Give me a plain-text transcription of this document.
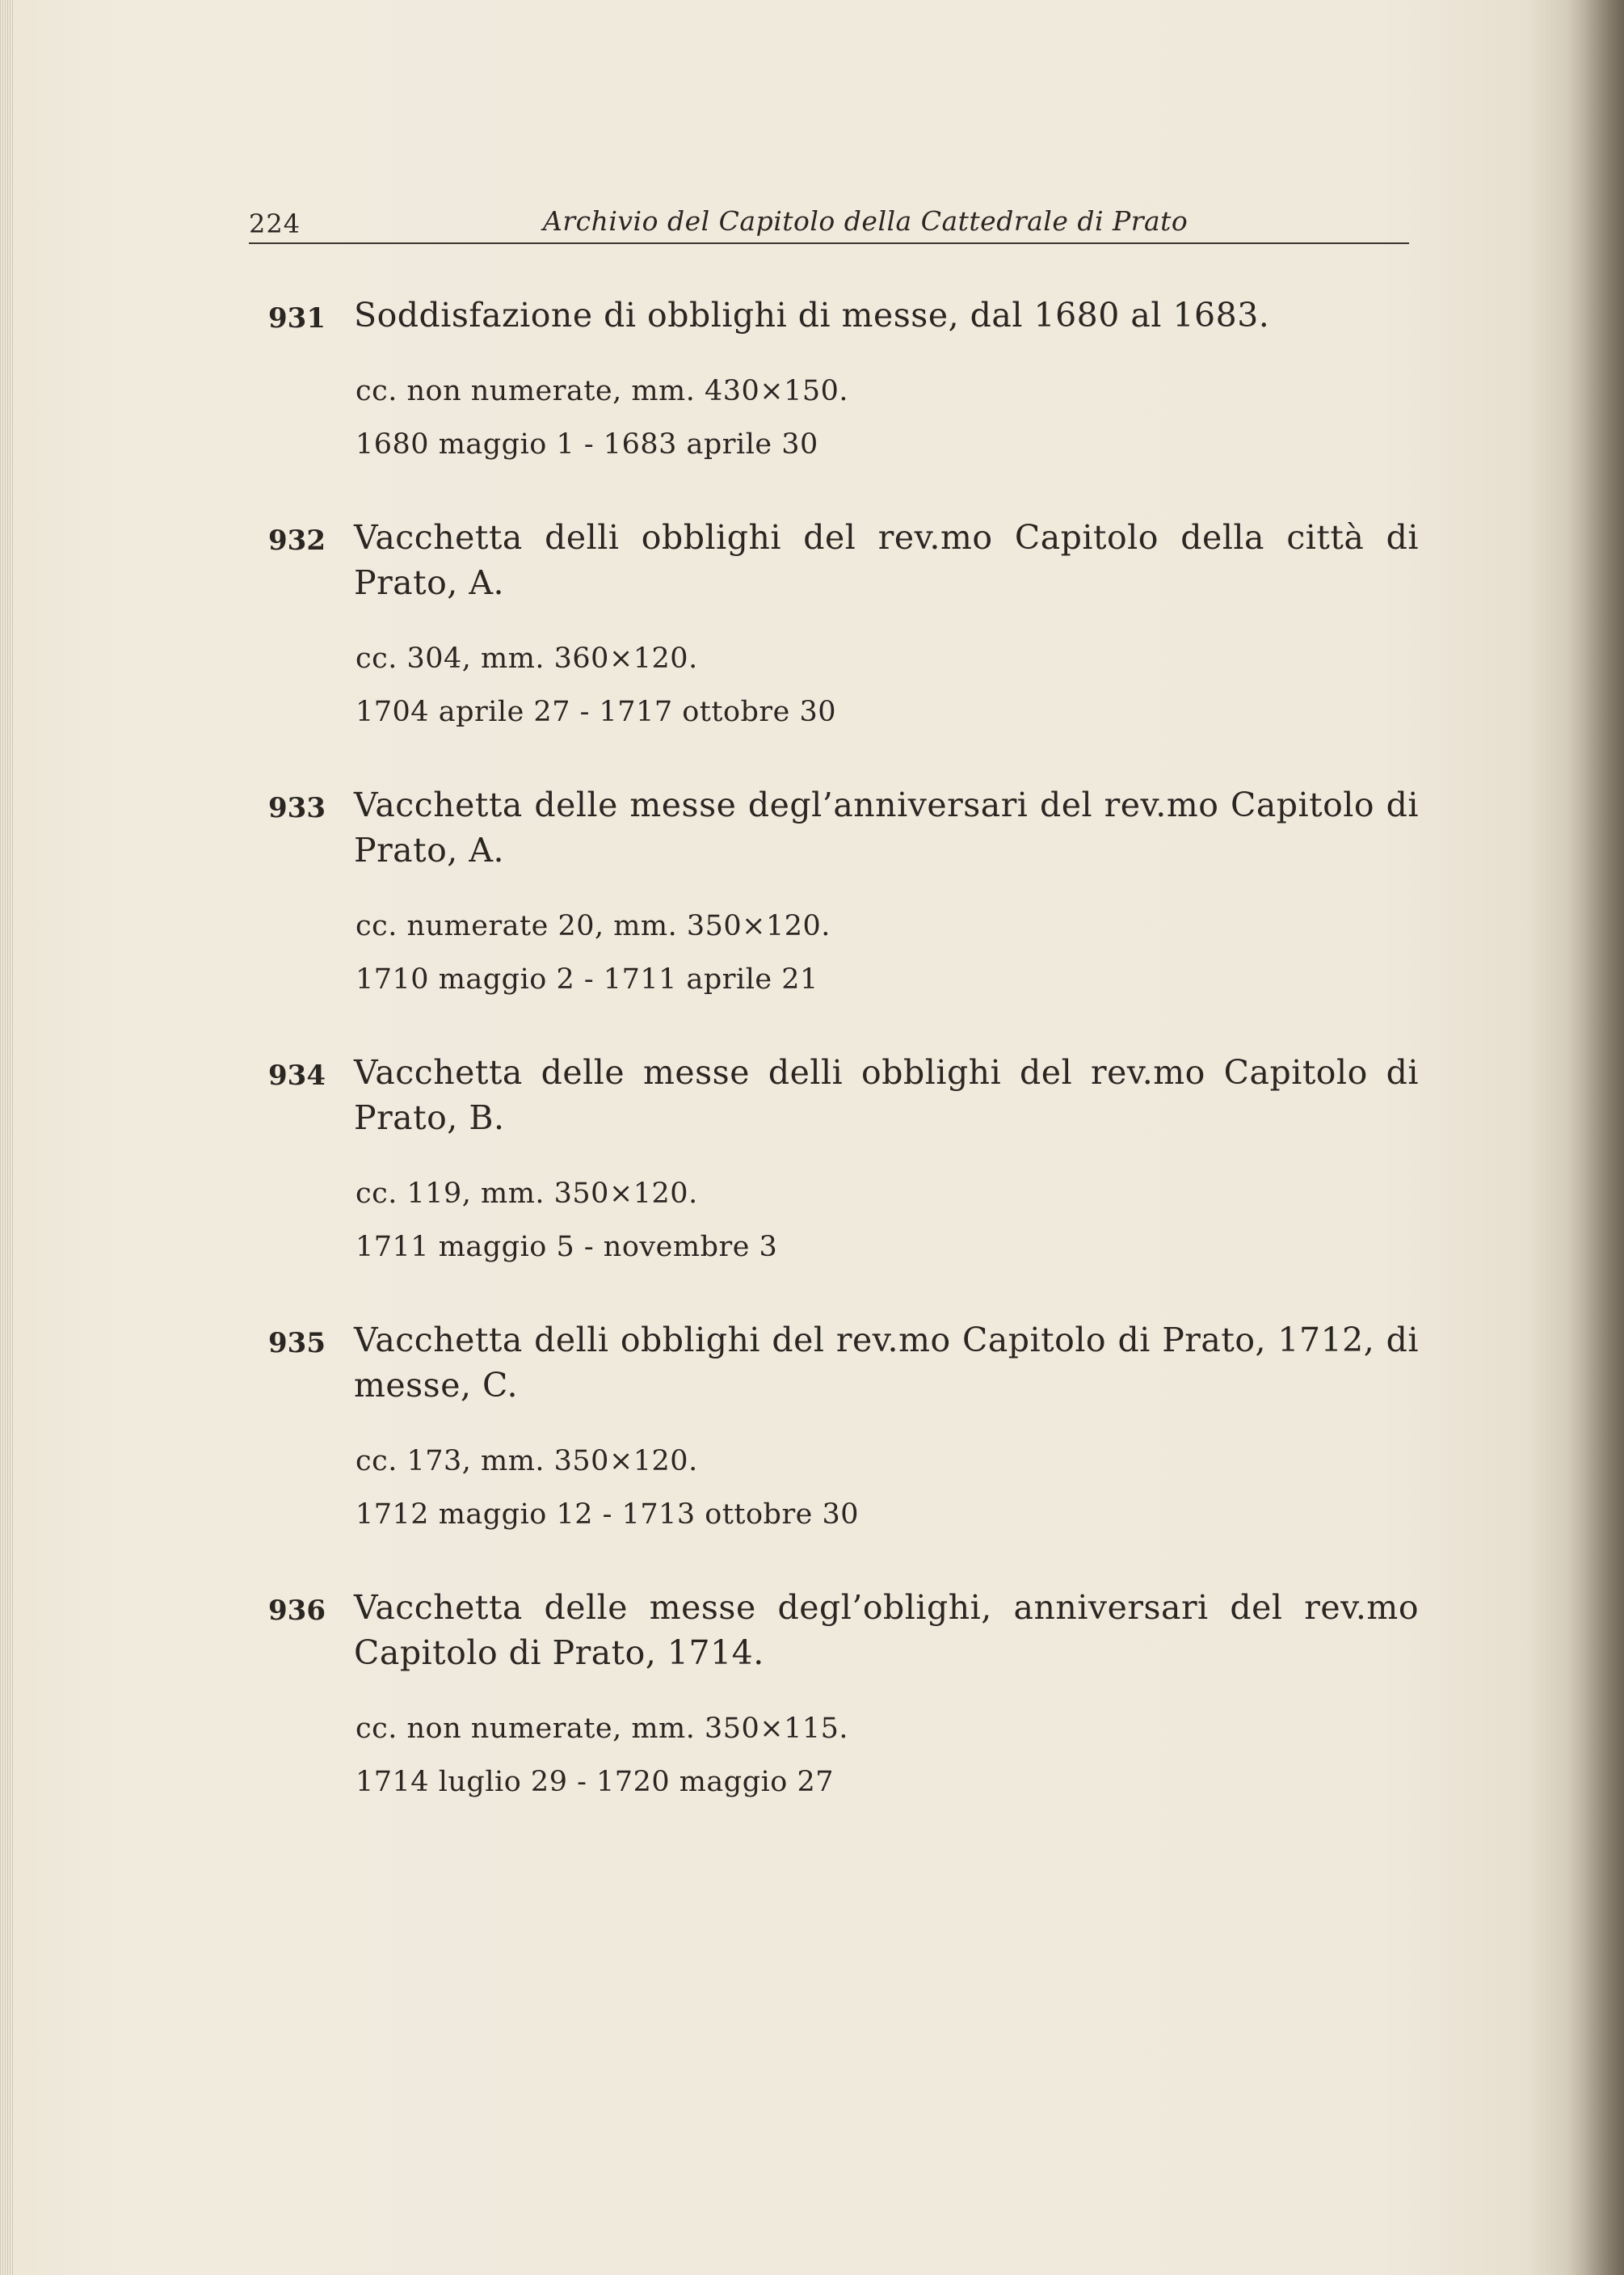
224	Archivio del Capitolo della Cattedrale di Prato
931 Soddisfazione di obblighi di messe, dal 1680 al 1683.
cc. non numerate, mm. 430×150.
1680 maggio 1 - 1683 aprile 30
932 Vacchetta delli obblighi del rev.mo Capitolo della città di Prato, A.
cc. 304, mm. 360×120.
1704 aprile 27 - 1717 ottobre 30
933 Vacchetta delle messe degl’anniversari del rev.mo Capitolo di Prato, A.
cc. numerate 20, mm. 350×120.
1710 maggio 2 - 1711 aprile 21
934 Vacchetta delle messe delli obblighi del rev.mo Capitolo di Prato, B.
cc. 119, mm. 350×120.
1711 maggio 5 - novembre 3
935 Vacchetta delli obblighi del rev.mo Capitolo di Prato, 1712, di messe, C.
cc. 173, mm. 350×120.
1712 maggio 12 - 1713 ottobre 30
936 Vacchetta delle messe degl’oblighi, anniversari del rev.mo Capitolo di Prato, 1714.
cc. non numerate, mm. 350×115.
1714 luglio 29 - 1720 maggio 27
